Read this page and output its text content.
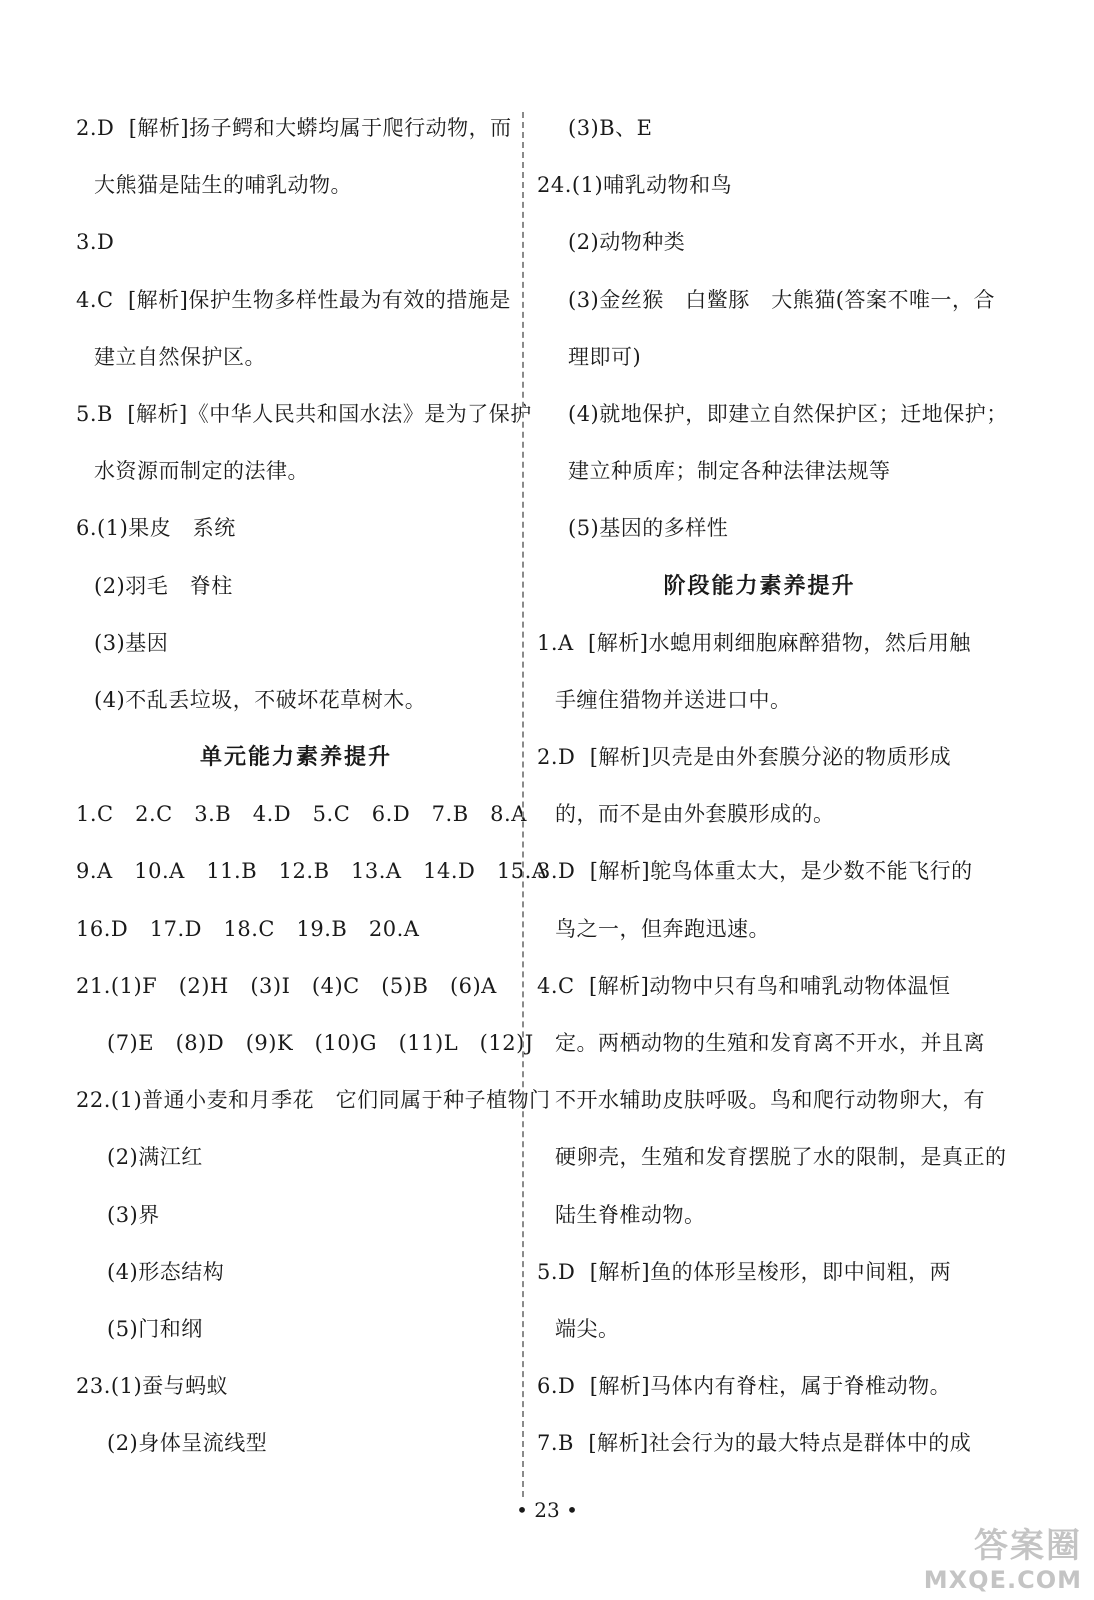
2.D  [解析]扬子鳄和大蟒均属于爬行动物，而
大熊猫是陆生的哺乳动物。
3.D
4.C  [解析]保护生物多样性最为有效的措施是
建立自然保护区。
5.B  [解析]《中华人民共和国水法》是为了保护
水资源而制定的法律。
6.(1)果皮   系统
(2)羽毛   脊柱
(3)基因
(4)不乱丢垃圾，不破坏花草树木。
单元能力素养提升
1.C   2.C   3.B   4.D   5.C   6.D   7.B   8.A
9.A   10.A   11.B   12.B   13.A   14.D   15.A
16.D   17.D   18.C   19.B   20.A
21.(1)F   (2)H   (3)I   (4)C   (5)B   (6)A
(7)E   (8)D   (9)K   (10)G   (11)L   (12)J
22.(1)普通小麦和月季花   它们同属于种子植物门
(2)满江红
(3)界
(4)形态结构
(5)门和纲
23.(1)蚕与蚂蚁
(2)身体呈流线型
(3)B、E
24.(1)哺乳动物和鸟
(2)动物种类
(3)金丝猴   白鳖豚   大熊猫(答案不唯一，合
理即可)
(4)就地保护，即建立自然保护区；迁地保护；
建立种质库；制定各种法律法规等
(5)基因的多样性
阶段能力素养提升
1.A  [解析]水螅用刺细胞麻醉猎物，然后用触
手缠住猎物并送进口中。
2.D  [解析]贝壳是由外套膜分泌的物质形成
的，而不是由外套膜形成的。
3.D  [解析]鸵鸟体重太大，是少数不能飞行的
鸟之一，但奔跑迅速。
4.C  [解析]动物中只有鸟和哺乳动物体温恒
定。两栖动物的生殖和发育离不开水，并且离
不开水辅助皮肤呼吸。鸟和爬行动物卵大，有
硬卵壳，生殖和发育摆脱了水的限制，是真正的
陆生脊椎动物。
5.D  [解析]鱼的体形呈梭形，即中间粗，两
端尖。
6.D  [解析]马体内有脊柱，属于脊椎动物。
7.B  [解析]社会行为的最大特点是群体中的成
• 23 •
答案圈
MXQE.COM
